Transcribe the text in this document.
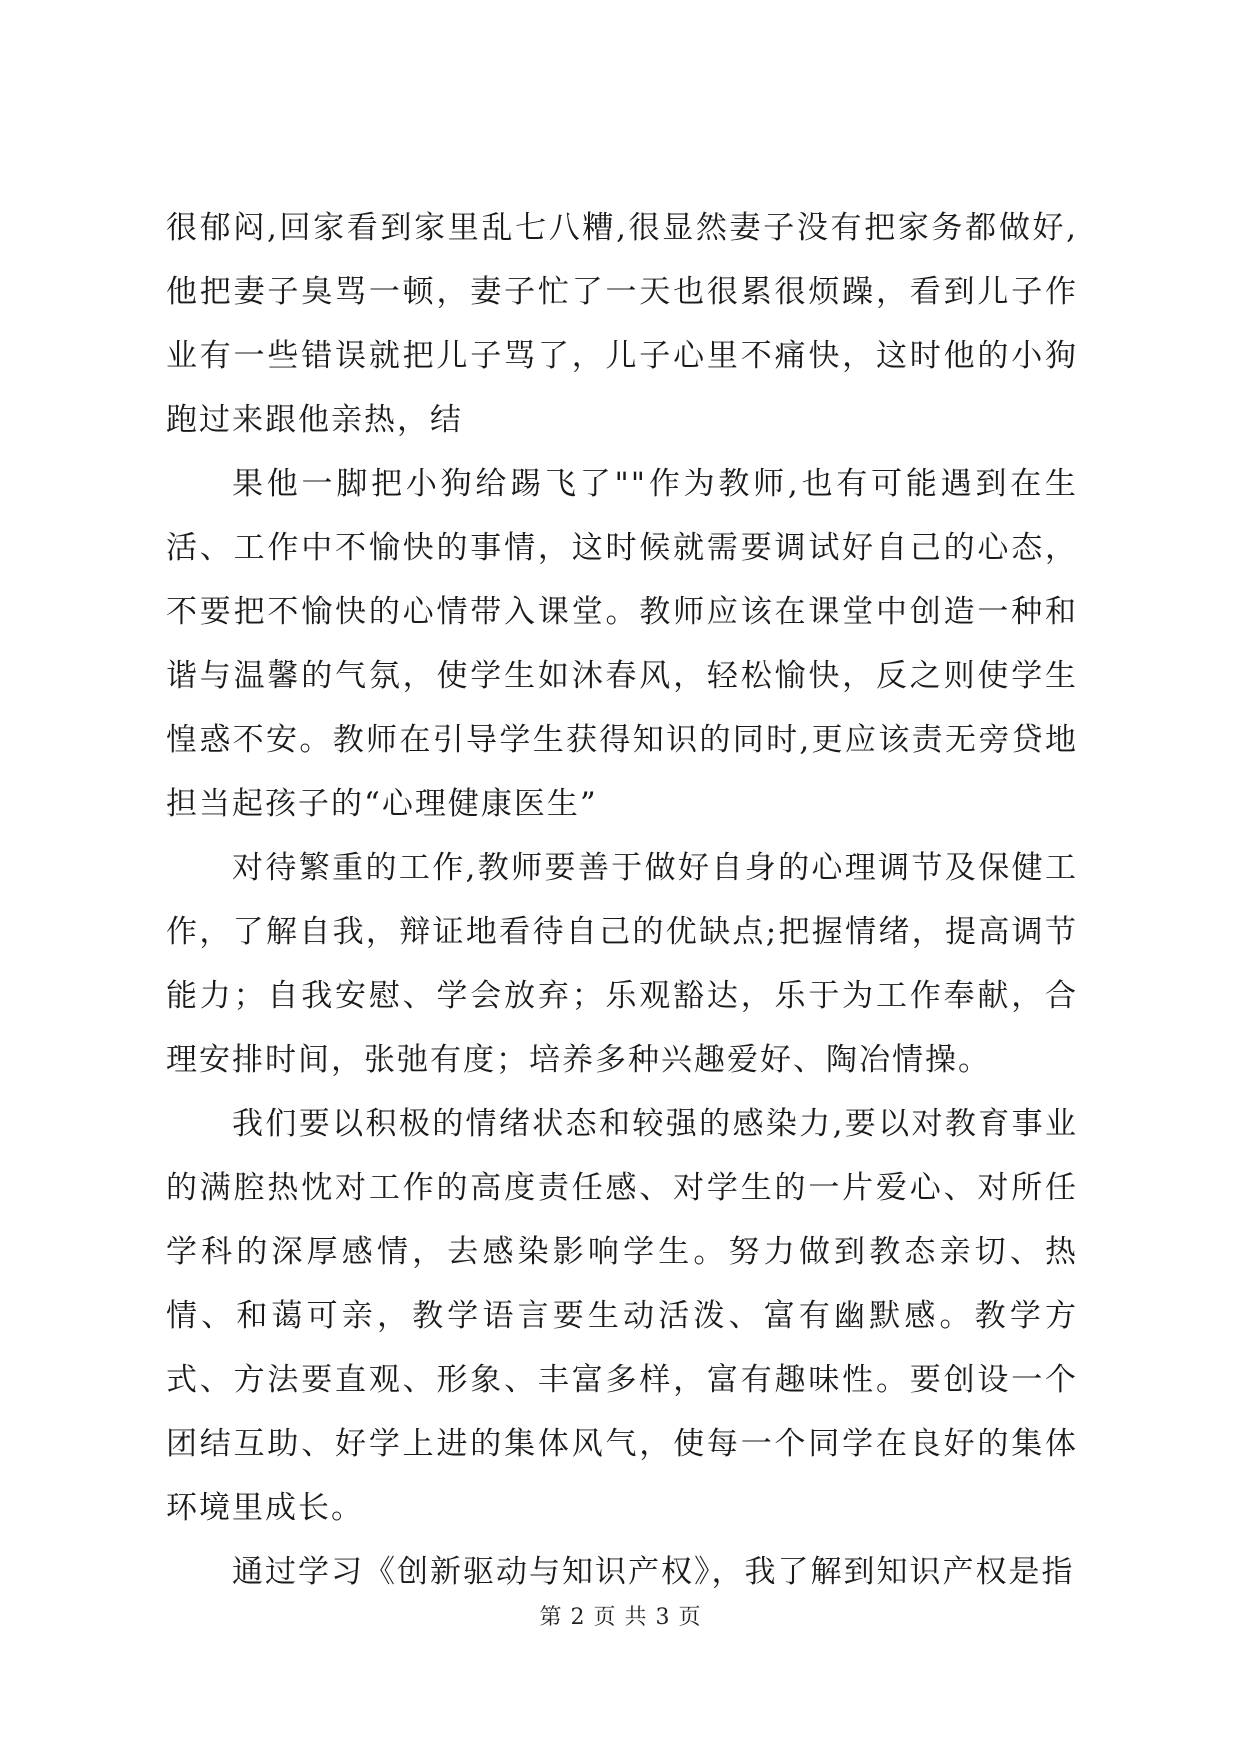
很郁闷,回家看到家里乱七八糟,很显然妻子没有把家务都做好,他把妻子臭骂一顿，妻子忙了一天也很累很烦躁，看到儿子作业有一些错误就把儿子骂了，儿子心里不痛快，这时他的小狗跑过来跟他亲热，结

果他一脚把小狗给踢飞了""作为教师,也有可能遇到在生活、工作中不愉快的事情，这时候就需要调试好自己的心态，不要把不愉快的心情带入课堂。教师应该在课堂中创造一种和谐与温馨的气氛，使学生如沐春风，轻松愉快，反之则使学生惶惑不安。教师在引导学生获得知识的同时,更应该责无旁贷地担当起孩子的“心理健康医生”

对待繁重的工作,教师要善于做好自身的心理调节及保健工作，了解自我，辩证地看待自己的优缺点;把握情绪，提高调节能力；自我安慰、学会放弃；乐观豁达，乐于为工作奉献，合理安排时间，张弛有度；培养多种兴趣爱好、陶冶情操。

我们要以积极的情绪状态和较强的感染力,要以对教育事业的满腔热忱对工作的高度责任感、对学生的一片爱心、对所任学科的深厚感情，去感染影响学生。努力做到教态亲切、热情、和蔼可亲，教学语言要生动活泼、富有幽默感。教学方式、方法要直观、形象、丰富多样，富有趣味性。要创设一个团结互助、好学上进的集体风气，使每一个同学在良好的集体环境里成长。

通过学习《创新驱动与知识产权》，我了解到知识产权是指

第 2 页 共 3 页
